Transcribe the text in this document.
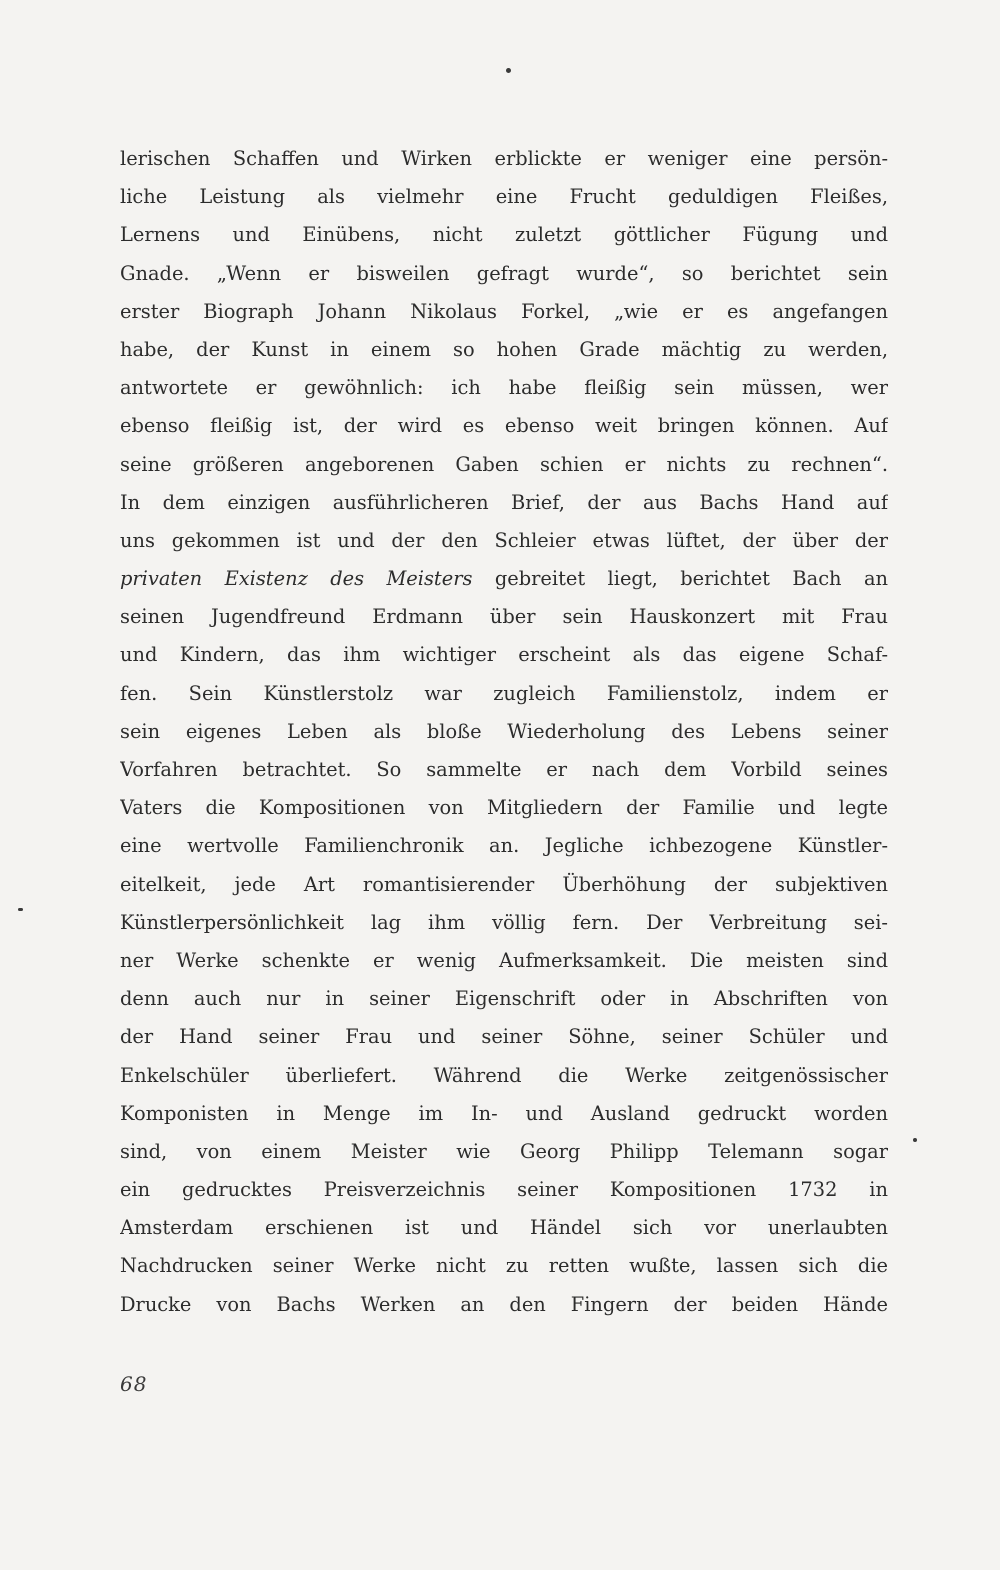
lerischen Schaffen und Wirken erblickte er weniger eine persön-
liche Leistung als vielmehr eine Frucht geduldigen Fleißes,
Lernens und Einübens, nicht zuletzt göttlicher Fügung und
Gnade. „Wenn er bisweilen gefragt wurde“, so berichtet sein
erster Biograph Johann Nikolaus Forkel, „wie er es angefangen
habe, der Kunst in einem so hohen Grade mächtig zu werden,
antwortete er gewöhnlich: ich habe fleißig sein müssen, wer
ebenso fleißig ist, der wird es ebenso weit bringen können. Auf
seine größeren angeborenen Gaben schien er nichts zu rechnen“.
In dem einzigen ausführlicheren Brief, der aus Bachs Hand auf
uns gekommen ist und der den Schleier etwas lüftet, der über der
privaten Existenz des Meisters gebreitet liegt, berichtet Bach an
seinen Jugendfreund Erdmann über sein Hauskonzert mit Frau
und Kindern, das ihm wichtiger erscheint als das eigene Schaf-
fen. Sein Künstlerstolz war zugleich Familienstolz, indem er
sein eigenes Leben als bloße Wiederholung des Lebens seiner
Vorfahren betrachtet. So sammelte er nach dem Vorbild seines
Vaters die Kompositionen von Mitgliedern der Familie und legte
eine wertvolle Familienchronik an. Jegliche ichbezogene Künstler-
eitelkeit, jede Art romantisierender Überhöhung der subjektiven
Künstlerpersönlichkeit lag ihm völlig fern. Der Verbreitung sei-
ner Werke schenkte er wenig Aufmerksamkeit. Die meisten sind
denn auch nur in seiner Eigenschrift oder in Abschriften von
der Hand seiner Frau und seiner Söhne, seiner Schüler und
Enkelschüler überliefert. Während die Werke zeitgenössischer
Komponisten in Menge im In- und Ausland gedruckt worden
sind, von einem Meister wie Georg Philipp Telemann sogar
ein gedrucktes Preisverzeichnis seiner Kompositionen 1732 in
Amsterdam erschienen ist und Händel sich vor unerlaubten
Nachdrucken seiner Werke nicht zu retten wußte, lassen sich die
Drucke von Bachs Werken an den Fingern der beiden Hände
68
